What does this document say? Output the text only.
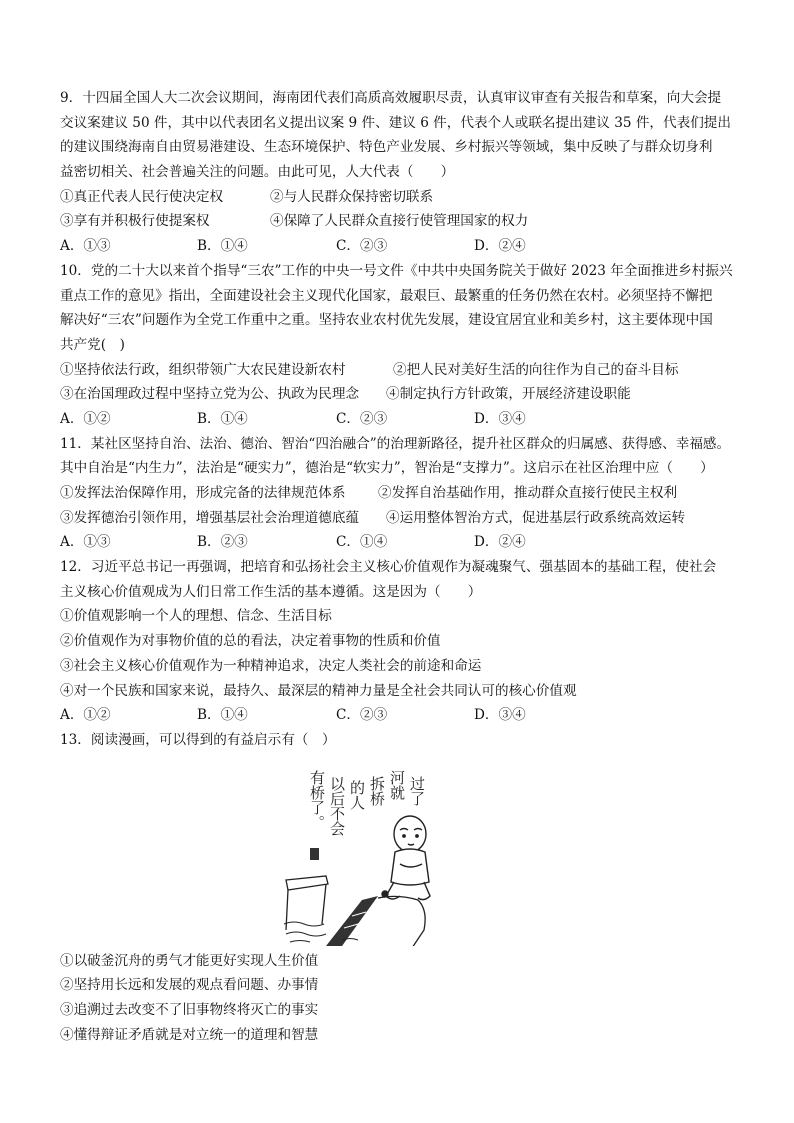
9．十四届全国人大二次会议期间，海南团代表们高质高效履职尽责，认真审议审查有关报告和草案，向大会提
交议案建议 50 件，其中以代表团名义提出议案 9 件、建议 6 件，代表个人或联名提出建议 35 件，代表们提出
的建议围绕海南自由贸易港建设、生态环境保护、特色产业发展、乡村振兴等领域，集中反映了与群众切身利
益密切相关、社会普遍关注的问题。由此可见，人大代表（　　）
①真正代表人民行使决定权	②与人民群众保持密切联系
③享有并积极行使提案权	④保障了人民群众直接行使管理国家的权力
A．①③	B．①④	C．②③	D．②④
10．党的二十大以来首个指导“三农”工作的中央一号文件《中共中央国务院关于做好 2023 年全面推进乡村振兴
重点工作的意见》指出，全面建设社会主义现代化国家，最艰巨、最繁重的任务仍然在农村。必须坚持不懈把
解决好“三农”问题作为全党工作重中之重。坚持农业农村优先发展，建设宜居宜业和美乡村，这主要体现中国
共产党(　)
①坚持依法行政，组织带领广大农民建设新农村	②把人民对美好生活的向往作为自己的奋斗目标
③在治国理政过程中坚持立党为公、执政为民理念 ④制定执行方针政策，开展经济建设职能
A．①②	B．①④	C．②③	D．③④
11．某社区坚持自治、法治、德治、智治“四治融合”的治理新路径，提升社区群众的归属感、获得感、幸福感。
其中自治是“内生力”，法治是“硬实力”，德治是“软实力”，智治是“支撑力”。这启示在社区治理中应（　　）
①发挥法治保障作用，形成完备的法律规范体系 ②发挥自治基础作用，推动群众直接行使民主权利
③发挥德治引领作用，增强基层社会治理道德底蕴 ④运用整体智治方式，促进基层行政系统高效运转
A．①③	B．②③	C．①④	D．②④
12．习近平总书记一再强调，把培育和弘扬社会主义核心价值观作为凝魂聚气、强基固本的基础工程，使社会
主义核心价值观成为人们日常工作生活的基本遵循。这是因为（　　）
①价值观影响一个人的理想、信念、生活目标
②价值观作为对事物价值的总的看法，决定着事物的性质和价值
③社会主义核心价值观作为一种精神追求，决定人类社会的前途和命运
④对一个民族和国家来说，最持久、最深层的精神力量是全社会共同认可的核心价值观
A．①②	B．①④	C．②③	D．③④
13．阅读漫画，可以得到的有益启示有（　）
过了
河就
拆桥
的人
以后不会
有桥了。
①以破釜沉舟的勇气才能更好实现人生价值
②坚持用长远和发展的观点看问题、办事情
③追溯过去改变不了旧事物终将灭亡的事实
④懂得辩证矛盾就是对立统一的道理和智慧
